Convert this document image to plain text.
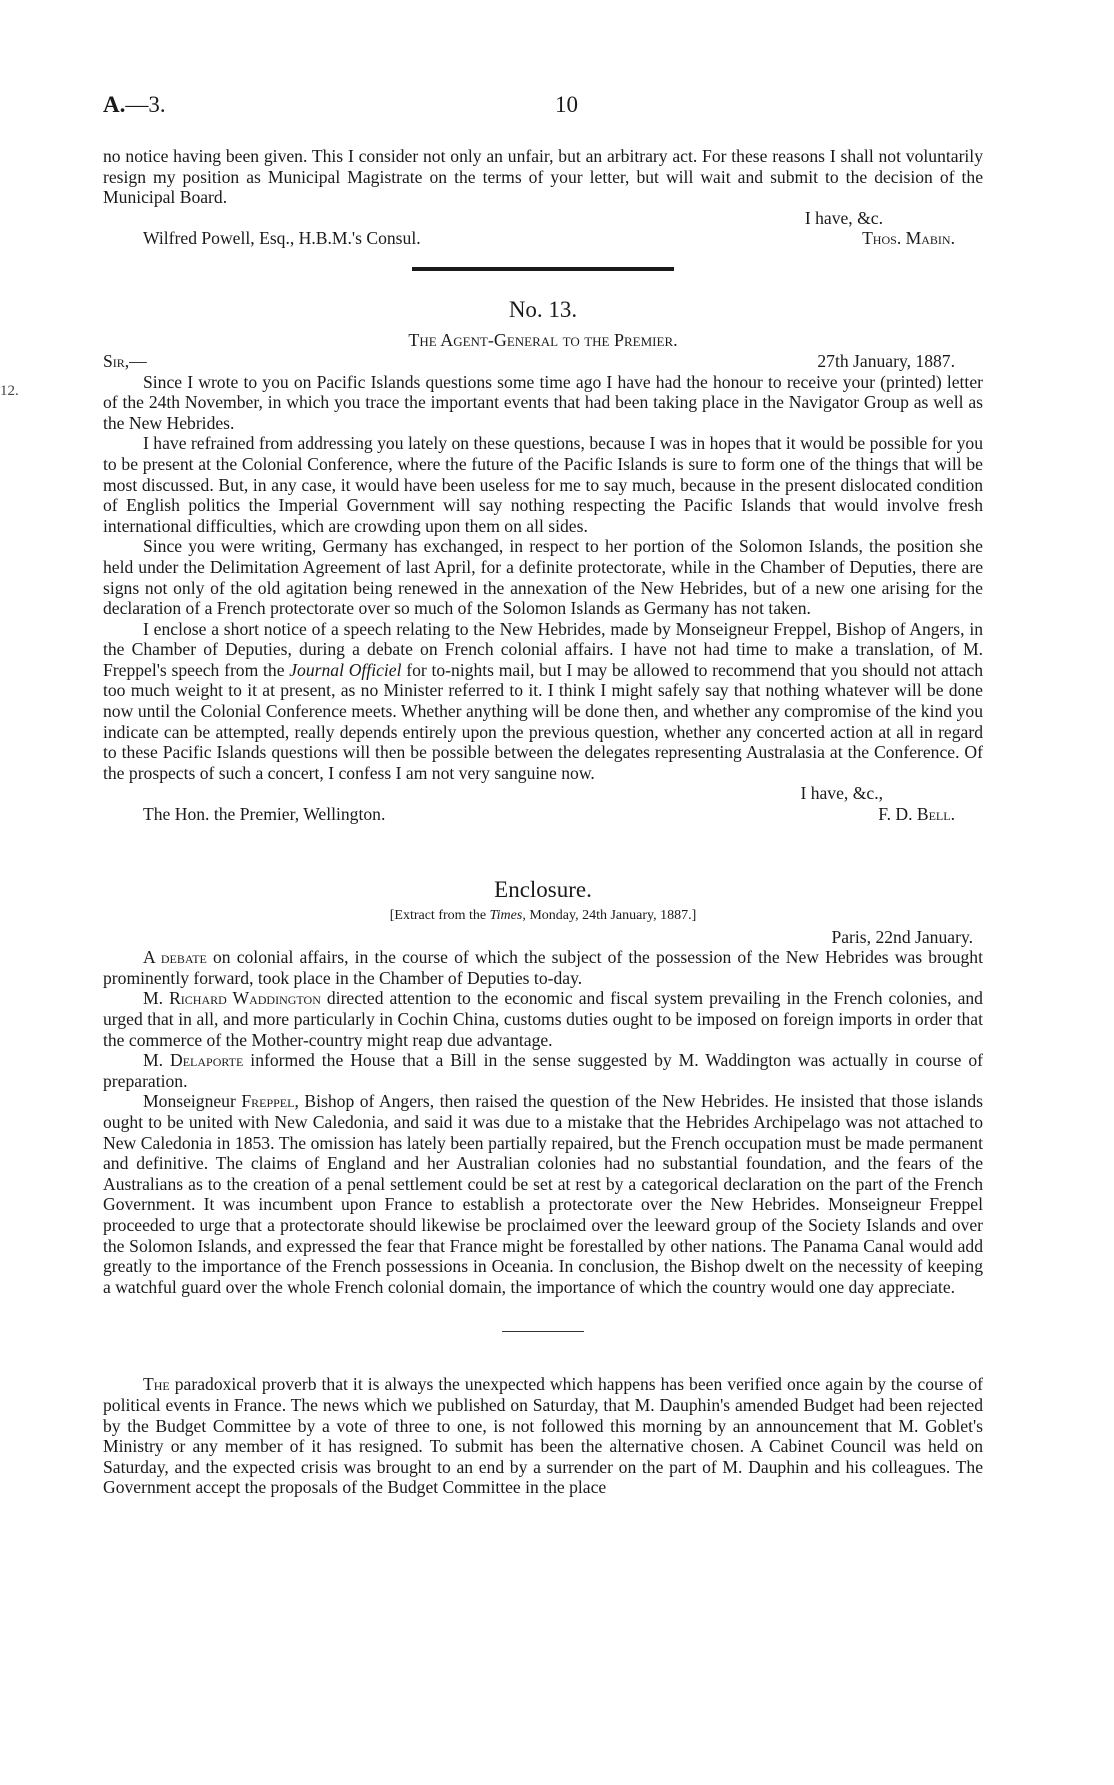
A.—3.	10
12.

no notice having been given. This I consider not only an unfair, but an arbitrary act. For these reasons I shall not voluntarily resign my position as Municipal Magistrate on the terms of your letter, but will wait and submit to the decision of the Municipal Board.

I have, &c.

Wilfred Powell, Esq., H.B.M.'s Consul.	Thos. Mabin.
No. 13.
The Agent-General to the Premier.
Sir,—	27th January, 1887.

Since I wrote to you on Pacific Islands questions some time ago I have had the honour to receive your (printed) letter of the 24th November, in which you trace the important events that had been taking place in the Navigator Group as well as the New Hebrides.

I have refrained from addressing you lately on these questions, because I was in hopes that it would be possible for you to be present at the Colonial Conference, where the future of the Pacific Islands is sure to form one of the things that will be most discussed. But, in any case, it would have been useless for me to say much, because in the present dislocated condition of English politics the Imperial Government will say nothing respecting the Pacific Islands that would involve fresh international difficulties, which are crowding upon them on all sides.

Since you were writing, Germany has exchanged, in respect to her portion of the Solomon Islands, the position she held under the Delimitation Agreement of last April, for a definite protectorate, while in the Chamber of Deputies, there are signs not only of the old agitation being renewed in the annexation of the New Hebrides, but of a new one arising for the declaration of a French protectorate over so much of the Solomon Islands as Germany has not taken.

I enclose a short notice of a speech relating to the New Hebrides, made by Monseigneur Freppel, Bishop of Angers, in the Chamber of Deputies, during a debate on French colonial affairs. I have not had time to make a translation, of M. Freppel's speech from the Journal Officiel for to-nights mail, but I may be allowed to recommend that you should not attach too much weight to it at present, as no Minister referred to it. I think I might safely say that nothing whatever will be done now until the Colonial Conference meets. Whether anything will be done then, and whether any compromise of the kind you indicate can be attempted, really depends entirely upon the previous question, whether any concerted action at all in regard to these Pacific Islands questions will then be possible between the delegates representing Australasia at the Conference. Of the prospects of such a concert, I confess I am not very sanguine now.

I have, &c.,

The Hon. the Premier, Wellington.	F. D. Bell.
Enclosure.
[Extract from the Times, Monday, 24th January, 1887.]

Paris, 22nd January.

A debate on colonial affairs, in the course of which the subject of the possession of the New Hebrides was brought prominently forward, took place in the Chamber of Deputies to-day.

M. Richard Waddington directed attention to the economic and fiscal system prevailing in the French colonies, and urged that in all, and more particularly in Cochin China, customs duties ought to be imposed on foreign imports in order that the commerce of the Mother-country might reap due advantage.

M. Delaporte informed the House that a Bill in the sense suggested by M. Waddington was actually in course of preparation.

Monseigneur Freppel, Bishop of Angers, then raised the question of the New Hebrides. He insisted that those islands ought to be united with New Caledonia, and said it was due to a mistake that the Hebrides Archipelago was not attached to New Caledonia in 1853. The omission has lately been partially repaired, but the French occupation must be made permanent and definitive. The claims of England and her Australian colonies had no substantial foundation, and the fears of the Australians as to the creation of a penal settlement could be set at rest by a categorical declaration on the part of the French Government. It was incumbent upon France to establish a protectorate over the New Hebrides. Monseigneur Freppel proceeded to urge that a protectorate should likewise be proclaimed over the leeward group of the Society Islands and over the Solomon Islands, and expressed the fear that France might be forestalled by other nations. The Panama Canal would add greatly to the importance of the French possessions in Oceania. In conclusion, the Bishop dwelt on the necessity of keeping a watchful guard over the whole French colonial domain, the importance of which the country would one day appreciate.

The paradoxical proverb that it is always the unexpected which happens has been verified once again by the course of political events in France. The news which we published on Saturday, that M. Dauphin's amended Budget had been rejected by the Budget Committee by a vote of three to one, is not followed this morning by an announcement that M. Goblet's Ministry or any member of it has resigned. To submit has been the alternative chosen. A Cabinet Council was held on Saturday, and the expected crisis was brought to an end by a surrender on the part of M. Dauphin and his colleagues. The Government accept the proposals of the Budget Committee in the place
